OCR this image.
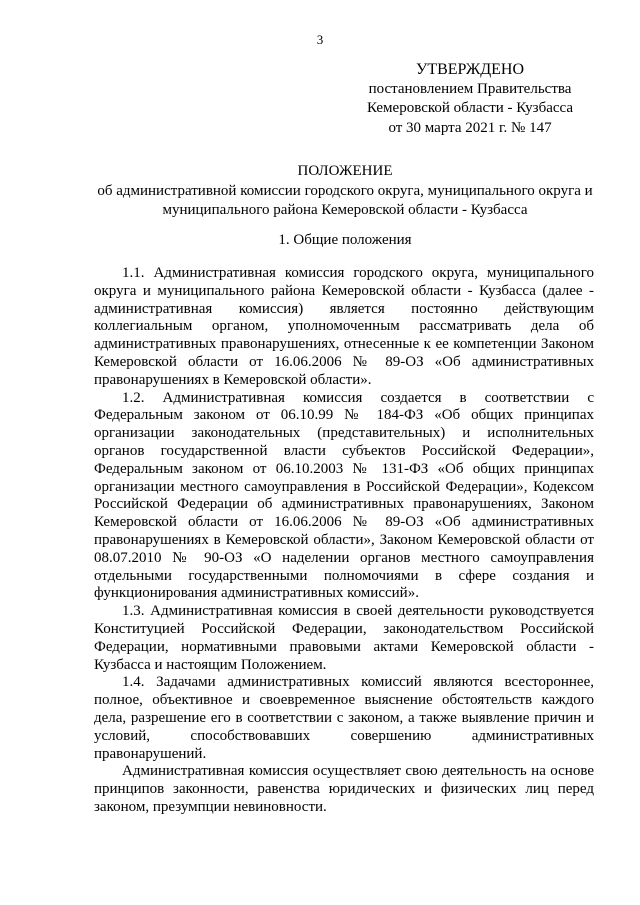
3
УТВЕРЖДЕНО
постановлением Правительства
Кемеровской области - Кузбасса
от 30 марта 2021 г. № 147
ПОЛОЖЕНИЕ
об административной комиссии городского округа, муниципального округа и муниципального района Кемеровской области - Кузбасса
1. Общие положения

1.1. Административная комиссия городского округа, муниципального округа и муниципального района Кемеровской области - Кузбасса (далее - административная комиссия) является постоянно действующим коллегиальным органом, уполномоченным рассматривать дела об административных правонарушениях, отнесенные к ее компетенции Законом Кемеровской области от 16.06.2006 № 89-ОЗ «Об административных правонарушениях в Кемеровской области».

1.2. Административная комиссия создается в соответствии с Федеральным законом от 06.10.99 № 184-ФЗ «Об общих принципах организации законодательных (представительных) и исполнительных органов государственной власти субъектов Российской Федерации», Федеральным законом от 06.10.2003 № 131-ФЗ «Об общих принципах организации местного самоуправления в Российской Федерации», Кодексом Российской Федерации об административных правонарушениях, Законом Кемеровской области от 16.06.2006 № 89-ОЗ «Об административных правонарушениях в Кемеровской области», Законом Кемеровской области от 08.07.2010 № 90-ОЗ «О наделении органов местного самоуправления отдельными государственными полномочиями в сфере создания и функционирования административных комиссий».

1.3. Административная комиссия в своей деятельности руководствуется Конституцией Российской Федерации, законодательством Российской Федерации, нормативными правовыми актами Кемеровской области - Кузбасса и настоящим Положением.

1.4. Задачами административных комиссий являются всестороннее, полное, объективное и своевременное выяснение обстоятельств каждого дела, разрешение его в соответствии с законом, а также выявление причин и условий, способствовавших совершению административных правонарушений.

Административная комиссия осуществляет свою деятельность на основе принципов законности, равенства юридических и физических лиц перед законом, презумпции невиновности.
